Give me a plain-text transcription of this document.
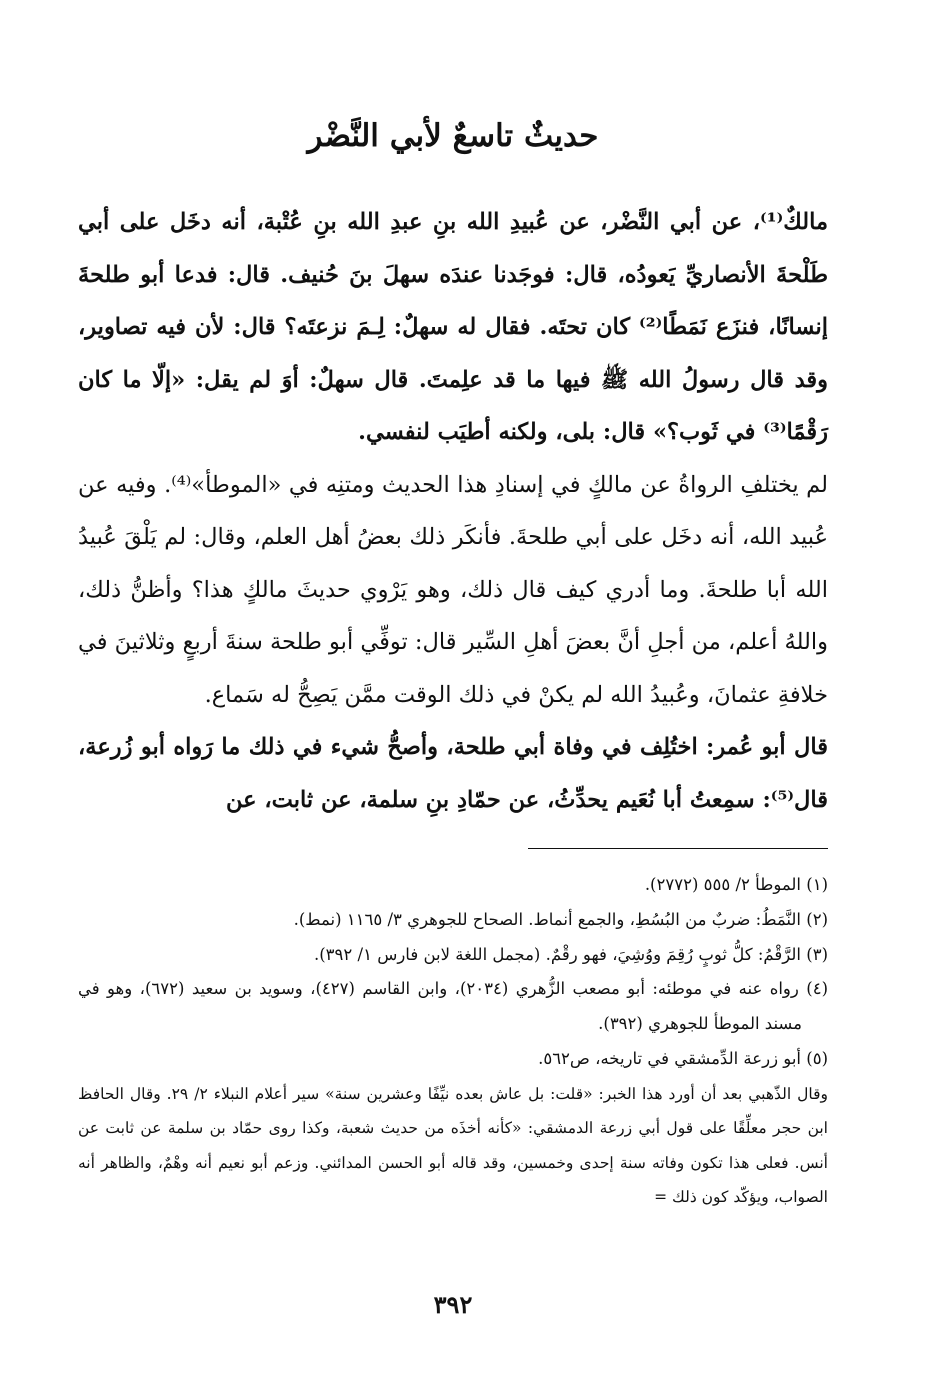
حديثٌ تاسعٌ لأبي النَّضْر

مالكٌ⁽¹⁾، عن أبي النَّضْر، عن عُبيدِ الله بنِ عبدِ الله بنِ عُتْبة، أنه دخَل على أبي طَلْحةَ الأنصاريِّ يَعودُه، قال: فوجَدنا عندَه سهلَ بنَ حُنيف. قال: فدعا أبو طلحةَ إنسانًا، فنزَع نَمَطًا⁽²⁾ كان تحتَه. فقال له سهلٌ: لِـمَ نزعتَه؟ قال: لأن فيه تصاوير، وقد قال رسولُ الله ﷺ فيها ما قد علِمتَ. قال سهلٌ: أوَ لم يقل: «إلّا ما كان رَقْمًا⁽³⁾ في ثَوب؟» قال: بلى، ولكنه أطيَب لنفسي.

لم يختلفِ الرواةُ عن مالكٍ في إسنادِ هذا الحديث ومتنِه في «الموطأ»⁽⁴⁾. وفيه عن عُبيد الله، أنه دخَل على أبي طلحةَ. فأنكَر ذلك بعضُ أهل العلم، وقال: لم يَلْقَ عُبيدُ الله أبا طلحةَ. وما أدري كيف قال ذلك، وهو يَرْوي حديثَ مالكٍ هذا؟ وأظنُّ ذلك، واللهُ أعلم، من أجلِ أنَّ بعضَ أهلِ السِّير قال: توفِّي أبو طلحة سنةَ أربعٍ وثلاثينَ في خلافةِ عثمانَ، وعُبيدُ الله لم يكنْ في ذلك الوقت ممَّن يَصِحُّ له سَماع.

قال أبو عُمر: اختُلِف في وفاة أبي طلحة، وأصحُّ شيء في ذلك ما رَواه أبو زُرعة، قال⁽⁵⁾: سمِعتُ أبا نُعَيم يحدِّثُ، عن حمّادِ بنِ سلمة، عن ثابت، عن

(١) الموطأ ٢/ ٥٥٥ (٢٧٧٢).

(٢) النَّمَطُ: ضربٌ من البُسُطِ، والجمع أنماط. الصحاح للجوهري ٣/ ١١٦٥ (نمط).

(٣) الرَّقْمُ: كلُّ ثوبٍ رُقِمَ ووُشِيَ، فهو رقْمٌ. (مجمل اللغة لابن فارس ١/ ٣٩٢).

(٤) رواه عنه في موطئه: أبو مصعب الزُّهري (٢٠٣٤)، وابن القاسم (٤٢٧)، وسويد بن سعيد (٦٧٢)، وهو في مسند الموطأ للجوهري (٣٩٢).

(٥) أبو زرعة الدِّمشقي في تاريخه، ص٥٦٢.

وقال الذّهبي بعد أن أورد هذا الخبر: «قلت: بل عاش بعده نيِّفًا وعشرين سنة» سير أعلام النبلاء ٢/ ٢٩. وقال الحافظ ابن حجر معلِّقًا على قول أبي زرعة الدمشقي: «كأنه أخذَه من حديث شعبة، وكذا روى حمّاد بن سلمة عن ثابت عن أنس. فعلى هذا تكون وفاته سنة إحدى وخمسين، وقد قاله أبو الحسن المدائني. وزعم أبو نعيم أنه وهْمٌ، والظاهر أنه الصواب، ويؤكّد كون ذلك =

٣٩٢
